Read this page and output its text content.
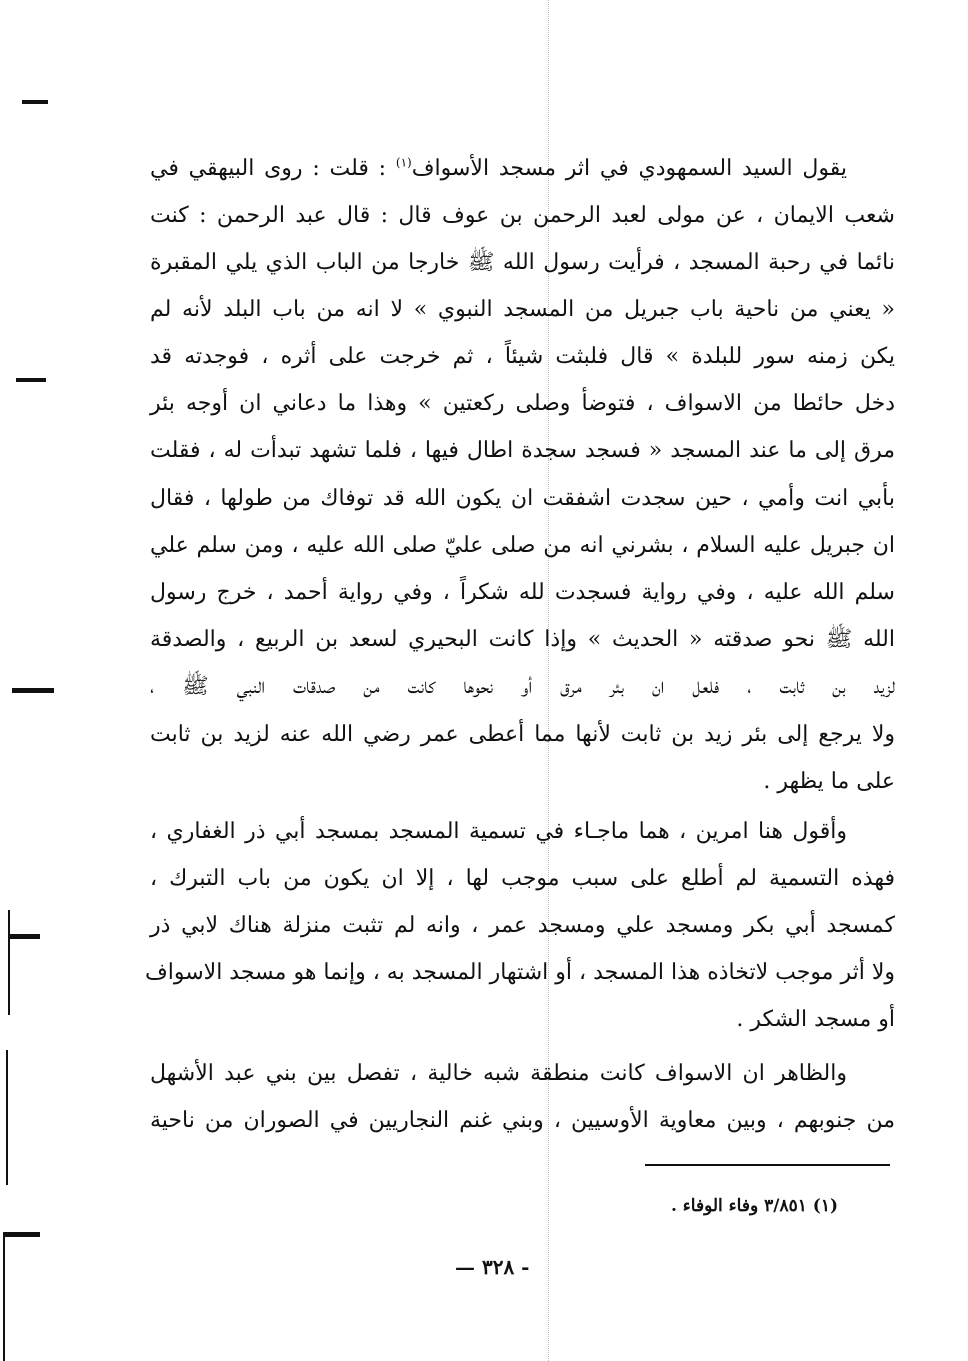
يقول السيد السمهودي في اثر مسجد الأسواف$^{(١)}$ : قلت : روى البيهقي في
شعب الايمان ، عن مولى لعبد الرحمن بن عوف قال : قال عبد الرحمن : كنت
نائما في رحبة المسجد ، فرأيت رسول الله ﷺ خارجا من الباب الذي يلي المقبرة
« يعني من ناحية باب جبريل من المسجد النبوي » لا انه من باب البلد لأنه لم
يكن زمنه سور للبلدة » قال فلبثت شيئاً ، ثم خرجت على أثره ، فوجدته قد
دخل حائطا من الاسواف ، فتوضأ وصلى ركعتين » وهذا ما دعاني ان أوجه بئر
مرق إلى ما عند المسجد « فسجد سجدة اطال فيها ، فلما تشهد تبدأت له ، فقلت
بأبي انت وأمي ، حين سجدت اشفقت ان يكون الله قد توفاك من طولها ، فقال
ان جبريل عليه السلام ، بشرني انه من صلى عليّ صلى الله عليه ، ومن سلم علي
سلم الله عليه ، وفي رواية فسجدت لله شكراً ، وفي رواية أحمد ، خرج رسول
الله ﷺ نحو صدقته « الحديث » وإذا كانت البحيري لسعد بن الربيع ، والصدقة
لزيد بن ثابت ، فلعل ان بئر مرق أو نحوها كانت من صدقات النبي ﷺ ،
ولا يرجع إلى بئر زيد بن ثابت لأنها مما أعطى عمر رضي الله عنه لزيد بن ثابت
على ما يظهر .
وأقول هنا امرين ، هما ماجـاء في تسمية المسجد بمسجد أبي ذر الغفاري ،
فهذه التسمية لم أطلع على سبب موجب لها ، إلا ان يكون من باب التبرك ،
كمسجد أبي بكر ومسجد علي ومسجد عمر ، وانه لم تثبت منزلة هناك لابي ذر
ولا أثر موجب لاتخاذه هذا المسجد ، أو اشتهار المسجد به ، وإنما هو مسجد الاسواف
أو مسجد الشكر .
والظاهر ان الاسواف كانت منطقة شبه خالية ، تفصل بين بني عبد الأشهل
من جنوبهم ، وبين معاوية الأوسيين ، وبني غنم النجاريين في الصوران من ناحية
(١) ٣/٨٥١ وفاء الوفاء .
— ٣٢٨ -
